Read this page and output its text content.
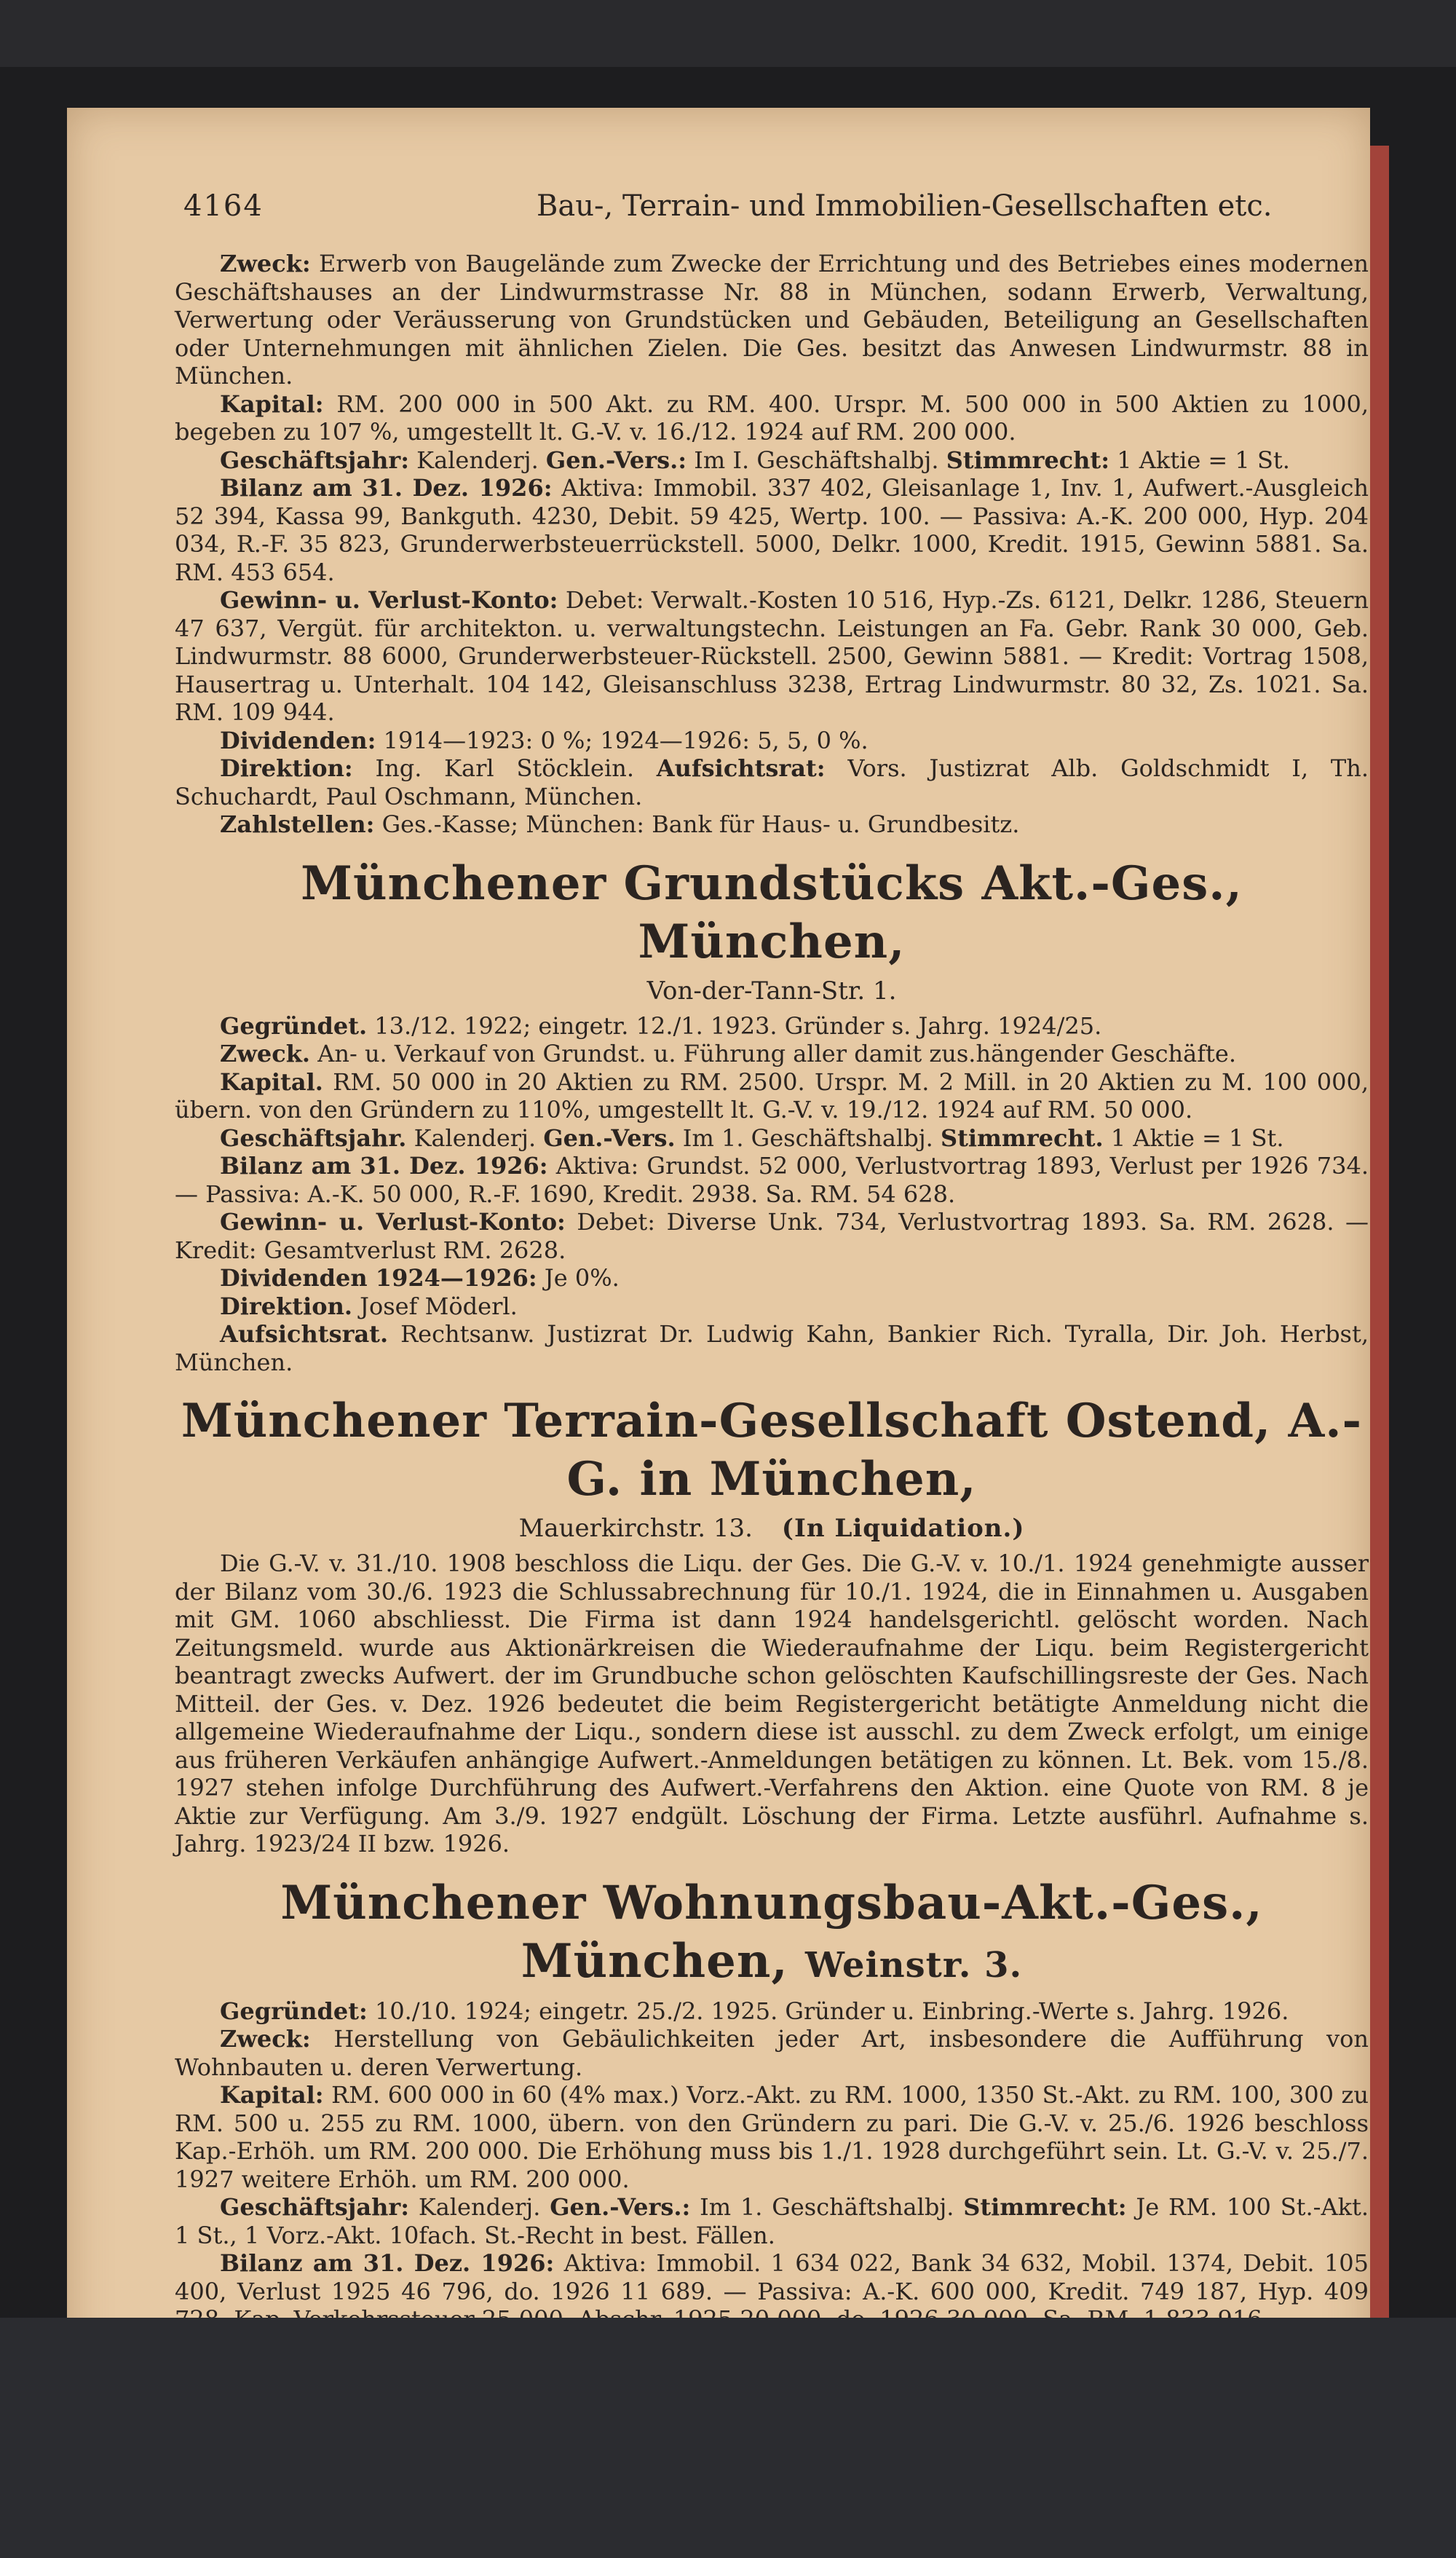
4164	Bau-, Terrain- und Immobilien-Gesellschaften etc.

Zweck: Erwerb von Baugelände zum Zwecke der Errichtung und des Betriebes eines modernen Geschäftshauses an der Lindwurmstrasse Nr. 88 in München, sodann Erwerb, Verwaltung, Verwertung oder Veräusserung von Grundstücken und Gebäuden, Beteiligung an Gesellschaften oder Unternehmungen mit ähnlichen Zielen. Die Ges. besitzt das Anwesen Lindwurmstr. 88 in München.

Kapital: RM. 200 000 in 500 Akt. zu RM. 400. Urspr. M. 500 000 in 500 Aktien zu 1000, begeben zu 107 %, umgestellt lt. G.-V. v. 16./12. 1924 auf RM. 200 000.

Geschäftsjahr: Kalenderj. Gen.-Vers.: Im I. Geschäftshalbj. Stimmrecht: 1 Aktie = 1 St.

Bilanz am 31. Dez. 1926: Aktiva: Immobil. 337 402, Gleisanlage 1, Inv. 1, Aufwert.-Ausgleich 52 394, Kassa 99, Bankguth. 4230, Debit. 59 425, Wertp. 100. — Passiva: A.-K. 200 000, Hyp. 204 034, R.-F. 35 823, Grunderwerbsteuerrückstell. 5000, Delkr. 1000, Kredit. 1915, Gewinn 5881. Sa. RM. 453 654.

Gewinn- u. Verlust-Konto: Debet: Verwalt.-Kosten 10 516, Hyp.-Zs. 6121, Delkr. 1286, Steuern 47 637, Vergüt. für architekton. u. verwaltungstechn. Leistungen an Fa. Gebr. Rank 30 000, Geb. Lindwurmstr. 88 6000, Grunderwerbsteuer-Rückstell. 2500, Gewinn 5881. — Kredit: Vortrag 1508, Hausertrag u. Unterhalt. 104 142, Gleisanschluss 3238, Ertrag Lindwurmstr. 80 32, Zs. 1021. Sa. RM. 109 944.

Dividenden: 1914—1923: 0 %; 1924—1926: 5, 5, 0 %.

Direktion: Ing. Karl Stöcklein. Aufsichtsrat: Vors. Justizrat Alb. Goldschmidt I, Th. Schuchardt, Paul Oschmann, München.

Zahlstellen: Ges.-Kasse; München: Bank für Haus- u. Grundbesitz.

Münchener Grundstücks Akt.-Ges., München,
Von-der-Tann-Str. 1.

Gegründet. 13./12. 1922; eingetr. 12./1. 1923. Gründer s. Jahrg. 1924/25.

Zweck. An- u. Verkauf von Grundst. u. Führung aller damit zus.hängender Geschäfte.

Kapital. RM. 50 000 in 20 Aktien zu RM. 2500. Urspr. M. 2 Mill. in 20 Aktien zu M. 100 000, übern. von den Gründern zu 110%, umgestellt lt. G.-V. v. 19./12. 1924 auf RM. 50 000.

Geschäftsjahr. Kalenderj. Gen.-Vers. Im 1. Geschäftshalbj. Stimmrecht. 1 Aktie = 1 St.

Bilanz am 31. Dez. 1926: Aktiva: Grundst. 52 000, Verlustvortrag 1893, Verlust per 1926 734. — Passiva: A.-K. 50 000, R.-F. 1690, Kredit. 2938. Sa. RM. 54 628.

Gewinn- u. Verlust-Konto: Debet: Diverse Unk. 734, Verlustvortrag 1893. Sa. RM. 2628. — Kredit: Gesamtverlust RM. 2628.

Dividenden 1924—1926: Je 0%.

Direktion. Josef Möderl.

Aufsichtsrat. Rechtsanw. Justizrat Dr. Ludwig Kahn, Bankier Rich. Tyralla, Dir. Joh. Herbst, München.

Münchener Terrain-Gesellschaft Ostend, A.-G. in München,
Mauerkirchstr. 13. (In Liquidation.)

Die G.-V. v. 31./10. 1908 beschloss die Liqu. der Ges. Die G.-V. v. 10./1. 1924 genehmigte ausser der Bilanz vom 30./6. 1923 die Schlussabrechnung für 10./1. 1924, die in Einnahmen u. Ausgaben mit GM. 1060 abschliesst. Die Firma ist dann 1924 handelsgerichtl. gelöscht worden. Nach Zeitungsmeld. wurde aus Aktionärkreisen die Wiederaufnahme der Liqu. beim Registergericht beantragt zwecks Aufwert. der im Grundbuche schon gelöschten Kaufschillingsreste der Ges. Nach Mitteil. der Ges. v. Dez. 1926 bedeutet die beim Registergericht betätigte Anmeldung nicht die allgemeine Wiederaufnahme der Liqu., sondern diese ist ausschl. zu dem Zweck erfolgt, um einige aus früheren Verkäufen anhängige Aufwert.-Anmeldungen betätigen zu können. Lt. Bek. vom 15./8. 1927 stehen infolge Durchführung des Aufwert.-Verfahrens den Aktion. eine Quote von RM. 8 je Aktie zur Verfügung. Am 3./9. 1927 endgült. Löschung der Firma. Letzte ausführl. Aufnahme s. Jahrg. 1923/24 II bzw. 1926.

Münchener Wohnungsbau-Akt.-Ges., München, Weinstr. 3.

Gegründet: 10./10. 1924; eingetr. 25./2. 1925. Gründer u. Einbring.-Werte s. Jahrg. 1926.

Zweck: Herstellung von Gebäulichkeiten jeder Art, insbesondere die Aufführung von Wohnbauten u. deren Verwertung.

Kapital: RM. 600 000 in 60 (4% max.) Vorz.-Akt. zu RM. 1000, 1350 St.-Akt. zu RM. 100, 300 zu RM. 500 u. 255 zu RM. 1000, übern. von den Gründern zu pari. Die G.-V. v. 25./6. 1926 beschloss Kap.-Erhöh. um RM. 200 000. Die Erhöhung muss bis 1./1. 1928 durchgeführt sein. Lt. G.-V. v. 25./7. 1927 weitere Erhöh. um RM. 200 000.

Geschäftsjahr: Kalenderj. Gen.-Vers.: Im 1. Geschäftshalbj. Stimmrecht: Je RM. 100 St.-Akt. 1 St., 1 Vorz.-Akt. 10fach. St.-Recht in best. Fällen.

Bilanz am 31. Dez. 1926: Aktiva: Immobil. 1 634 022, Bank 34 632, Mobil. 1374, Debit. 105 400, Verlust 1925 46 796, do. 1926 11 689. — Passiva: A.-K. 600 000, Kredit. 749 187, Hyp. 409
